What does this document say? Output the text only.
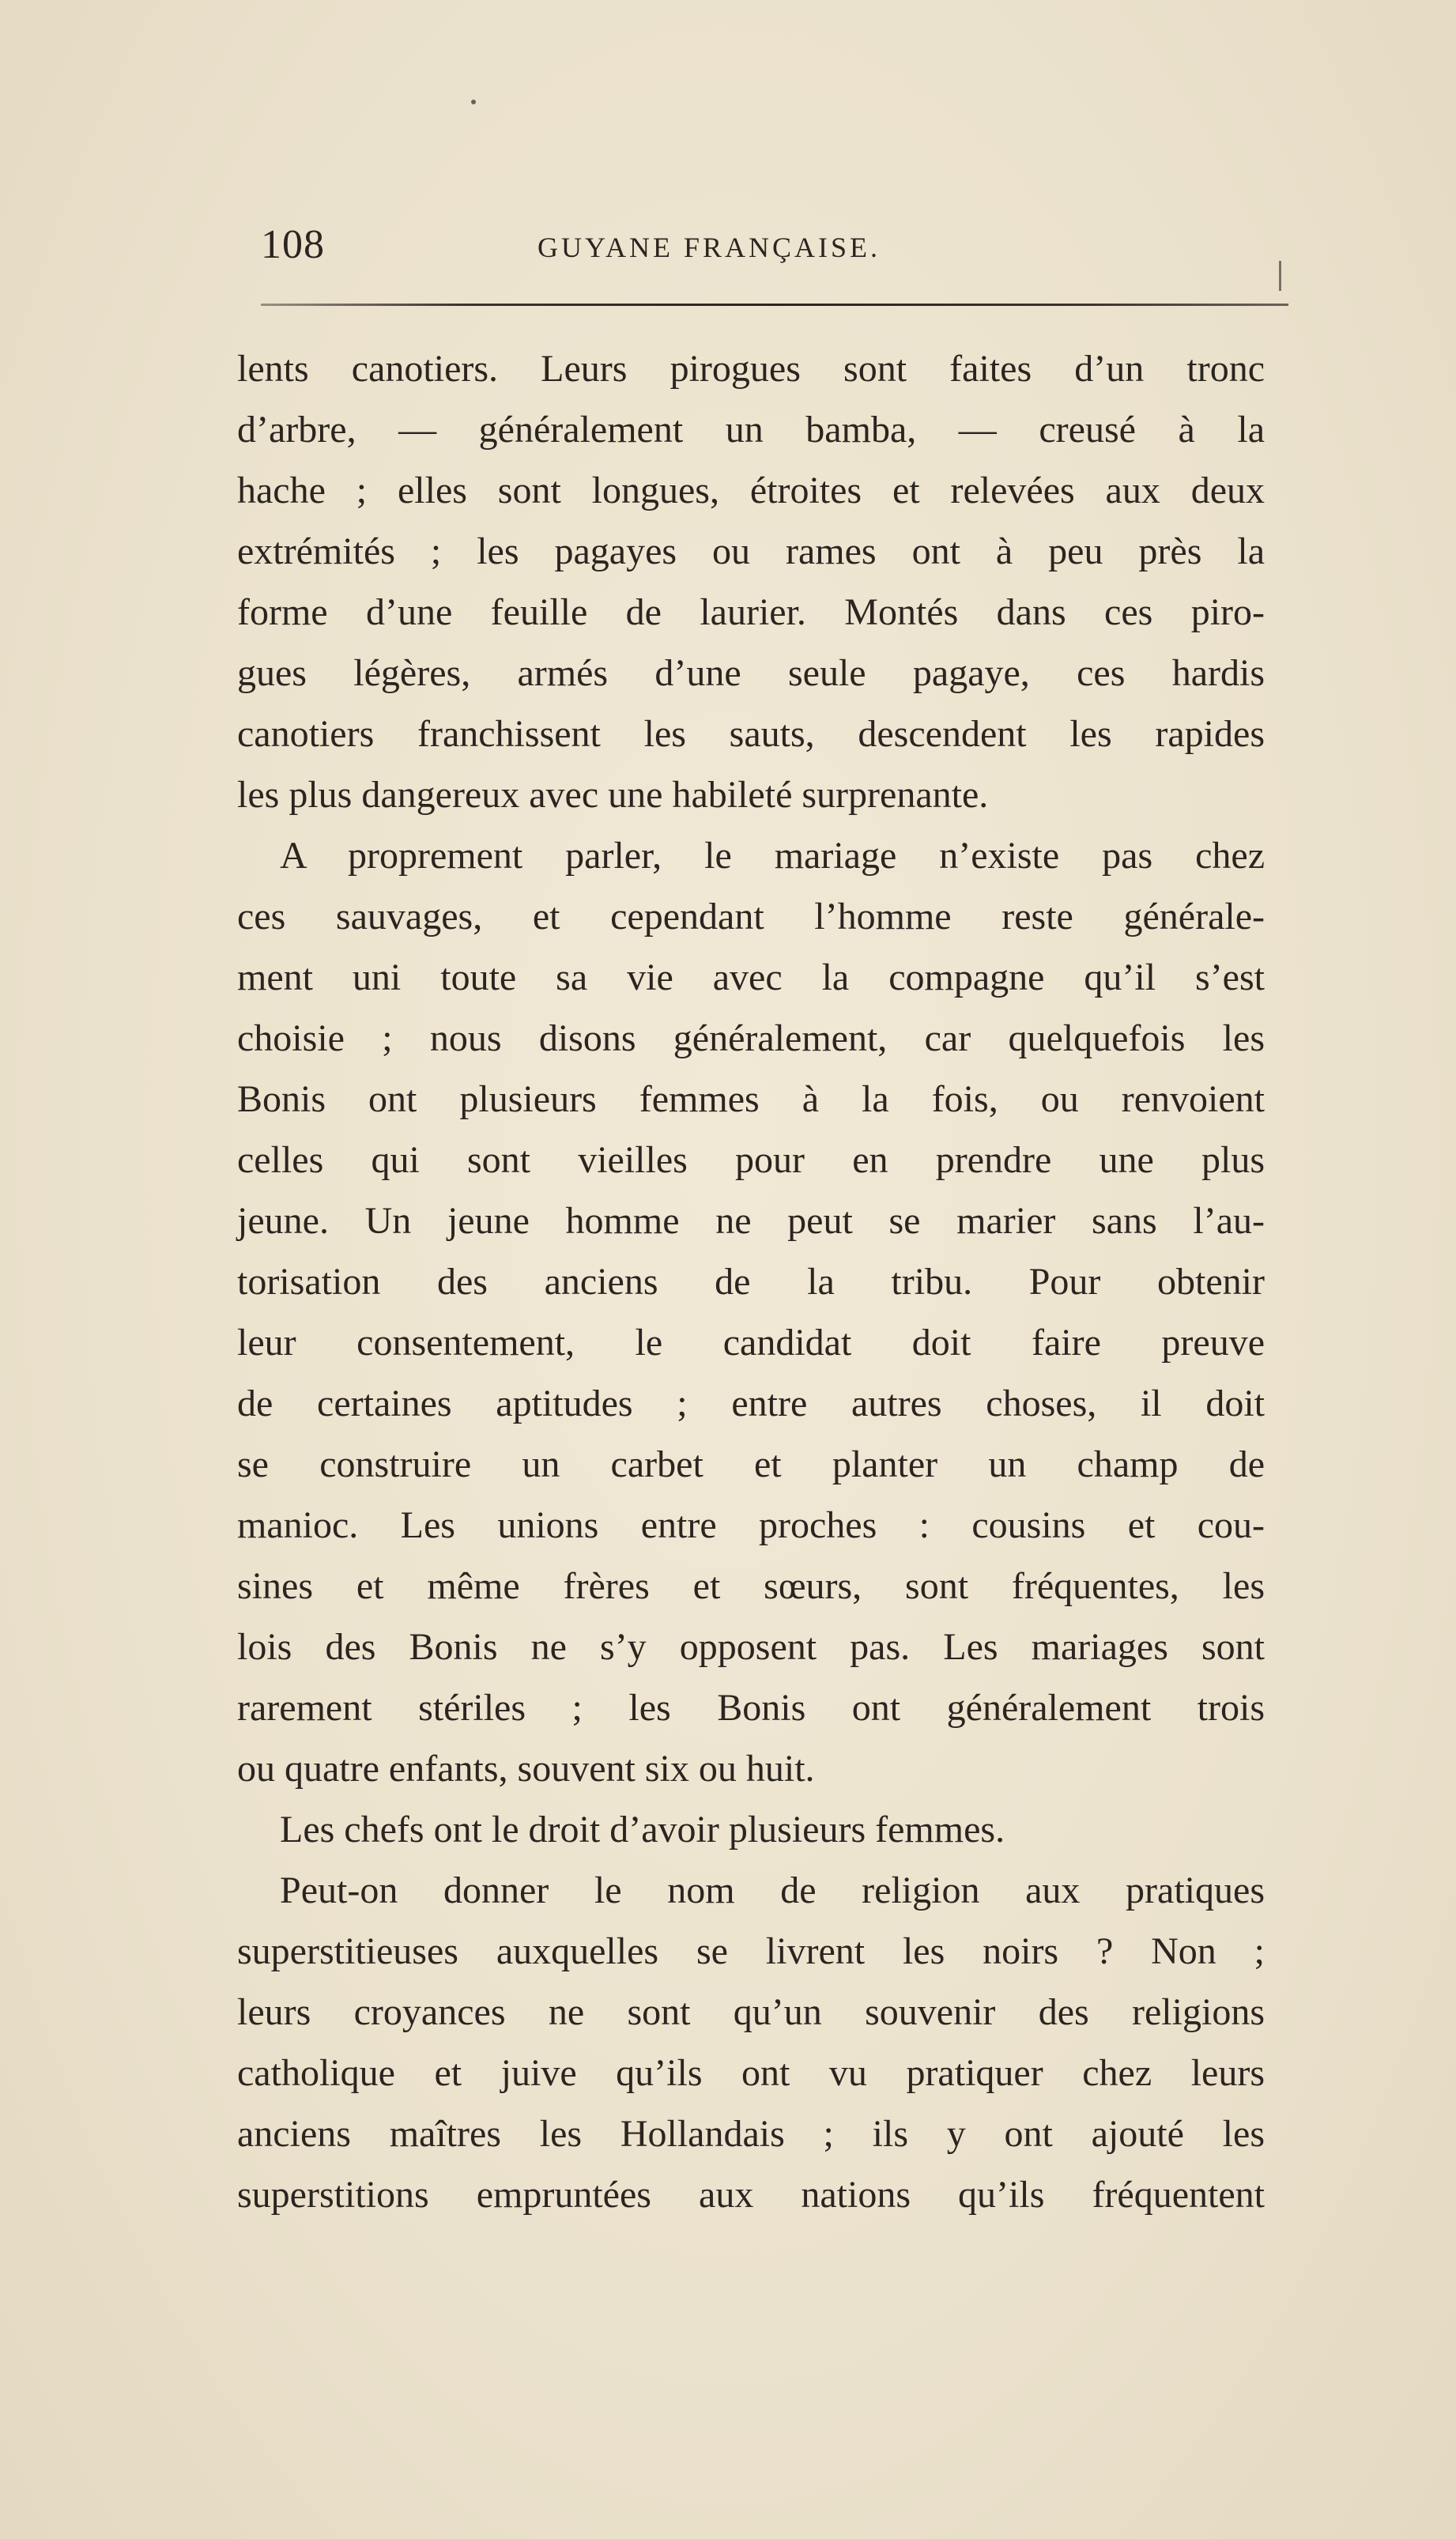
108	GUYANE FRANÇAISE.
lents canotiers. Leurs pirogues sont faites d’un tronc
d’arbre, — généralement un bamba, — creusé à la
hache ; elles sont longues, étroites et relevées aux deux
extrémités ; les pagayes ou rames ont à peu près la
forme d’une feuille de laurier. Montés dans ces piro-
gues légères, armés d’une seule pagaye, ces hardis
canotiers franchissent les sauts, descendent les rapides
les plus dangereux avec une habileté surprenante.
A proprement parler, le mariage n’existe pas chez
ces sauvages, et cependant l’homme reste générale-
ment uni toute sa vie avec la compagne qu’il s’est
choisie ; nous disons généralement, car quelquefois les
Bonis ont plusieurs femmes à la fois, ou renvoient
celles qui sont vieilles pour en prendre une plus
jeune. Un jeune homme ne peut se marier sans l’au-
torisation des anciens de la tribu. Pour obtenir
leur consentement, le candidat doit faire preuve
de certaines aptitudes ; entre autres choses, il doit
se construire un carbet et planter un champ de
manioc. Les unions entre proches : cousins et cou-
sines et même frères et sœurs, sont fréquentes, les
lois des Bonis ne s’y opposent pas. Les mariages sont
rarement stériles ; les Bonis ont généralement trois
ou quatre enfants, souvent six ou huit.
Les chefs ont le droit d’avoir plusieurs femmes.
Peut-on donner le nom de religion aux pratiques
superstitieuses auxquelles se livrent les noirs ? Non ;
leurs croyances ne sont qu’un souvenir des religions
catholique et juive qu’ils ont vu pratiquer chez leurs
anciens maîtres les Hollandais ; ils y ont ajouté les
superstitions empruntées aux nations qu’ils fréquentent
